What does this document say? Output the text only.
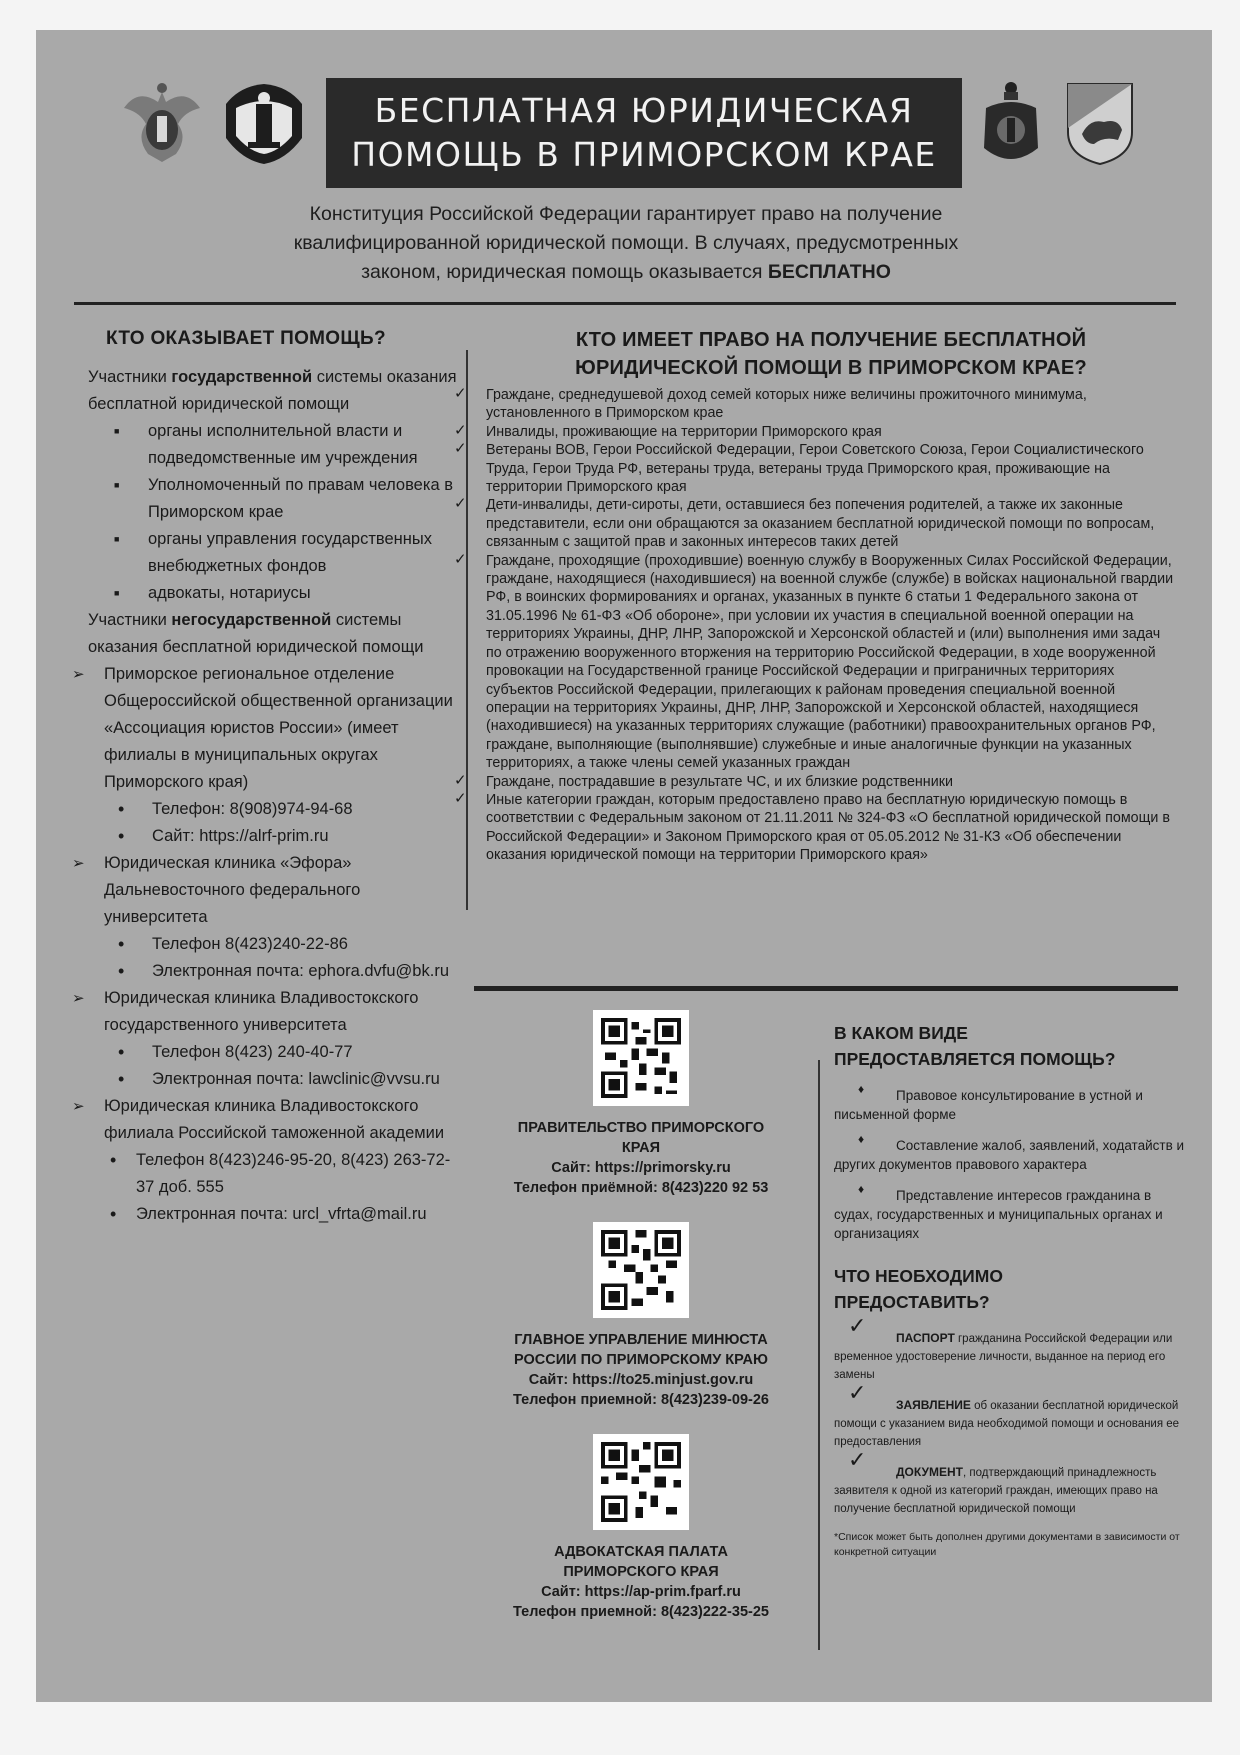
БЕСПЛАТНАЯ ЮРИДИЧЕСКАЯ
ПОМОЩЬ В ПРИМОРСКОМ КРАЕ
Конституция Российской Федерации гарантирует право на получение
квалифицированной юридической помощи. В случаях, предусмотренных
законом, юридическая помощь оказывается БЕСПЛАТНО
КТО ОКАЗЫВАЕТ ПОМОЩЬ?
Участники государственной системы оказания бесплатной юридической помощи
■ органы исполнительной власти и подведомственные им учреждения
■ Уполномоченный по правам человека в Приморском крае
■ органы управления государственных внебюджетных фондов
■ адвокаты, нотариусы
Участники негосударственной системы оказания бесплатной юридической помощи
➢ Приморское региональное отделение Общероссийской общественной организации «Ассоциация юристов России» (имеет филиалы в муниципальных округах Приморского края)
• Телефон: 8(908)974-94-68
• Сайт: https://alrf-prim.ru
➢ Юридическая клиника «Эфора» Дальневосточного федерального университета
• Телефон 8(423)240-22-86
• Электронная почта: ephora.dvfu@bk.ru
➢ Юридическая клиника Владивостокского государственного университета
• Телефон 8(423) 240-40-77
• Электронная почта: lawclinic@vvsu.ru
➢ Юридическая клиника Владивостокского филиала Российской таможенной академии
• Телефон 8(423)246-95-20, 8(423) 263-72-37 доб. 555
• Электронная почта: urcl_vfrta@mail.ru
КТО ИМЕЕТ ПРАВО НА ПОЛУЧЕНИЕ БЕСПЛАТНОЙ
ЮРИДИЧЕСКОЙ ПОМОЩИ В ПРИМОРСКОМ КРАЕ?
✓ Граждане, среднедушевой доход семей которых ниже величины прожиточного минимума, установленного в Приморском крае
✓ Инвалиды, проживающие на территории Приморского края
✓ Ветераны ВОВ, Герои Российской Федерации, Герои Советского Союза, Герои Социалистического Труда, Герои Труда РФ, ветераны труда, ветераны труда Приморского края, проживающие на территории Приморского края
✓ Дети-инвалиды, дети-сироты, дети, оставшиеся без попечения родителей, а также их законные представители, если они обращаются за оказанием бесплатной юридической помощи по вопросам, связанным с защитой прав и законных интересов таких детей
✓ Граждане, проходящие (проходившие) военную службу в Вооруженных Силах Российской Федерации, граждане, находящиеся (находившиеся) на военной службе (службе) в войсках национальной гвардии РФ, в воинских формированиях и органах, указанных в пункте 6 статьи 1 Федерального закона от 31.05.1996 № 61-ФЗ «Об обороне», при условии их участия в специальной военной операции на территориях Украины, ДНР, ЛНР, Запорожской и Херсонской областей и (или) выполнения ими задач по отражению вооруженного вторжения на территорию Российской Федерации, в ходе вооруженной провокации на Государственной границе Российской Федерации и приграничных территориях субъектов Российской Федерации, прилегающих к районам проведения специальной военной операции на территориях Украины, ДНР, ЛНР, Запорожской и Херсонской областей, находящиеся (находившиеся) на указанных территориях служащие (работники) правоохранительных органов РФ, граждане, выполняющие (выполнявшие) служебные и иные аналогичные функции на указанных территориях, а также члены семей указанных граждан
✓ Граждане, пострадавшие в результате ЧС, и их близкие родственники
✓ Иные категории граждан, которым предоставлено право на бесплатную юридическую помощь в соответствии с Федеральным законом от 21.11.2011 № 324-ФЗ «О бесплатной юридической помощи в Российской Федерации» и Законом Приморского края от 05.05.2012 № 31-КЗ «Об обеспечении оказания юридической помощи на территории Приморского края»
ПРАВИТЕЛЬСТВО ПРИМОРСКОГО
КРАЯ
Сайт: https://primorsky.ru
Телефон приёмной: 8(423)220 92 53
ГЛАВНОЕ УПРАВЛЕНИЕ МИНЮСТА
РОССИИ ПО ПРИМОРСКОМУ КРАЮ
Сайт: https://to25.minjust.gov.ru
Телефон приемной: 8(423)239-09-26
АДВОКАТСКАЯ ПАЛАТА
ПРИМОРСКОГО КРАЯ
Сайт: https://ap-prim.fparf.ru
Телефон приемной: 8(423)222-35-25
В КАКОМ ВИДЕ
ПРЕДОСТАВЛЯЕТСЯ ПОМОЩЬ?
♦ Правовое консультирование в устной и письменной форме
♦ Составление жалоб, заявлений, ходатайств и других документов правового характера
♦ Представление интересов гражданина в судах, государственных и муниципальных органах и организациях
ЧТО НЕОБХОДИМО
ПРЕДОСТАВИТЬ?
✓ ПАСПОРТ гражданина Российской Федерации или временное удостоверение личности, выданное на период его замены
✓ ЗАЯВЛЕНИЕ об оказании бесплатной юридической помощи с указанием вида необходимой помощи и основания ее предоставления
✓ ДОКУМЕНТ, подтверждающий принадлежность заявителя к одной из категорий граждан, имеющих право на получение бесплатной юридической помощи
*Список может быть дополнен другими документами в зависимости от конкретной ситуации
